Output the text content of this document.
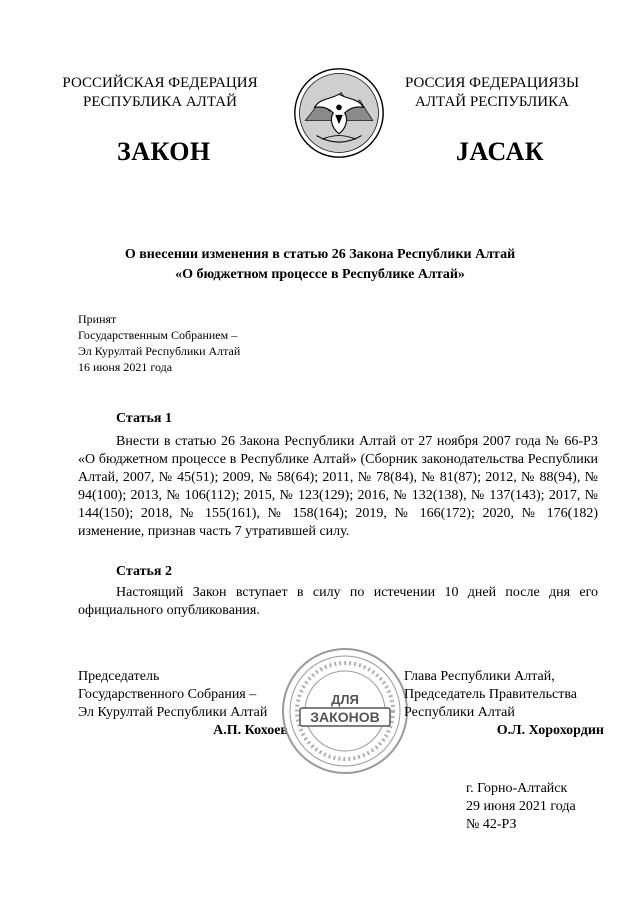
РОССИЙСКАЯ ФЕДЕРАЦИЯ
РЕСПУБЛИКА АЛТАЙ
РОССИЯ ФЕДЕРАЦИЯЗЫ
АЛТАЙ РЕСПУБЛИКА
ЗАКОН	JАСАК
О внесении изменения в статью 26 Закона Республики Алтай
«О бюджетном процессе в Республике Алтай»
Принят
Государственным Собранием –
Эл Курултай Республики Алтай
16 июня 2021 года
Статья 1
Внести в статью 26 Закона Республики Алтай от 27 ноября 2007 года № 66-РЗ «О бюджетном процессе в Республике Алтай» (Сборник законодательства Республики Алтай, 2007, № 45(51); 2009, № 58(64); 2011, № 78(84), № 81(87); 2012, № 88(94), № 94(100); 2013, № 106(112); 2015, № 123(129); 2016, № 132(138), № 137(143); 2017, № 144(150); 2018, № 155(161), № 158(164); 2019, № 166(172); 2020, № 176(182) изменение, признав часть 7 утратившей силу.
Статья 2
Настоящий Закон вступает в силу по истечении 10 дней после дня его официального опубликования.
Председатель
Государственного Собрания –
Эл Курултай Республики Алтай
А.П. Кохоев
ДЛЯ
ЗАКОНОВ
Глава Республики Алтай,
Председатель Правительства
Республики Алтай
О.Л. Хорохордин
г. Горно-Алтайск
29 июня 2021 года
№ 42-РЗ
